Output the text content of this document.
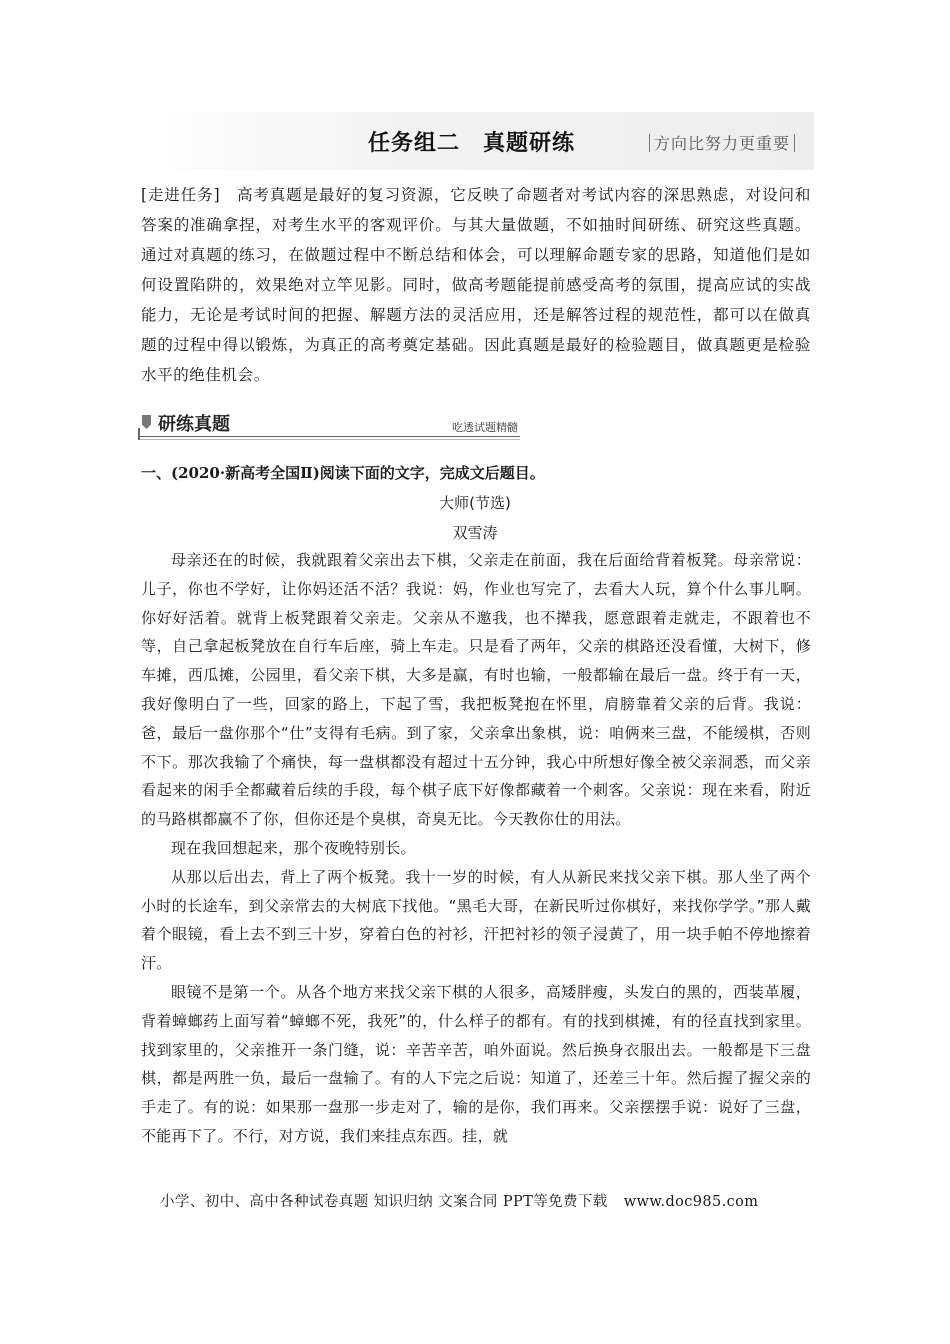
任务组二　真题研练	方向比努力更重要
[走进任务]　高考真题是最好的复习资源，它反映了命题者对考试内容的深思熟虑，对设问和答案的准确拿捏，对考生水平的客观评价。与其大量做题，不如抽时间研练、研究这些真题。通过对真题的练习，在做题过程中不断总结和体会，可以理解命题专家的思路，知道他们是如何设置陷阱的，效果绝对立竿见影。同时，做高考题能提前感受高考的氛围，提高应试的实战能力，无论是考试时间的把握、解题方法的灵活应用，还是解答过程的规范性，都可以在做真题的过程中得以锻炼，为真正的高考奠定基础。因此真题是最好的检验题目，做真题更是检验水平的绝佳机会。
研练真题	吃透试题精髓
一、(2020·新高考全国Ⅱ)阅读下面的文字，完成文后题目。
大师(节选)
双雪涛

母亲还在的时候，我就跟着父亲出去下棋，父亲走在前面，我在后面给背着板凳。母亲常说：儿子，你也不学好，让你妈还活不活？我说：妈，作业也写完了，去看大人玩，算个什么事儿啊。你好好活着。就背上板凳跟着父亲走。父亲从不邀我，也不撵我，愿意跟着走就走，不跟着也不等，自己拿起板凳放在自行车后座，骑上车走。只是看了两年，父亲的棋路还没看懂，大树下，修车摊，西瓜摊，公园里，看父亲下棋，大多是赢，有时也输，一般都输在最后一盘。终于有一天，我好像明白了一些，回家的路上，下起了雪，我把板凳抱在怀里，肩膀靠着父亲的后背。我说：爸，最后一盘你那个“仕”支得有毛病。到了家，父亲拿出象棋，说：咱俩来三盘，不能缓棋，否则不下。那次我输了个痛快，每一盘棋都没有超过十五分钟，我心中所想好像全被父亲洞悉，而父亲看起来的闲手全都藏着后续的手段，每个棋子底下好像都藏着一个刺客。父亲说：现在来看，附近的马路棋都赢不了你，但你还是个臭棋，奇臭无比。今天教你仕的用法。

现在我回想起来，那个夜晚特别长。

从那以后出去，背上了两个板凳。我十一岁的时候，有人从新民来找父亲下棋。那人坐了两个小时的长途车，到父亲常去的大树底下找他。“黑毛大哥，在新民听过你棋好，来找你学学。”那人戴着个眼镜，看上去不到三十岁，穿着白色的衬衫，汗把衬衫的领子浸黄了，用一块手帕不停地擦着汗。

眼镜不是第一个。从各个地方来找父亲下棋的人很多，高矮胖瘦，头发白的黑的，西装革履，背着蟑螂药上面写着“蟑螂不死，我死”的，什么样子的都有。有的找到棋摊，有的径直找到家里。找到家里的，父亲推开一条门缝，说：辛苦辛苦，咱外面说。然后换身衣服出去。一般都是下三盘棋，都是两胜一负，最后一盘输了。有的人下完之后说：知道了，还差三十年。然后握了握父亲的手走了。有的说：如果那一盘那一步走对了，输的是你，我们再来。父亲摆摆手说：说好了三盘，不能再下了。不行，对方说，我们来挂点东西。挂，就

小学、初中、高中各种试卷真题 知识归纳 文案合同 PPT等免费下载 www.doc985.com
